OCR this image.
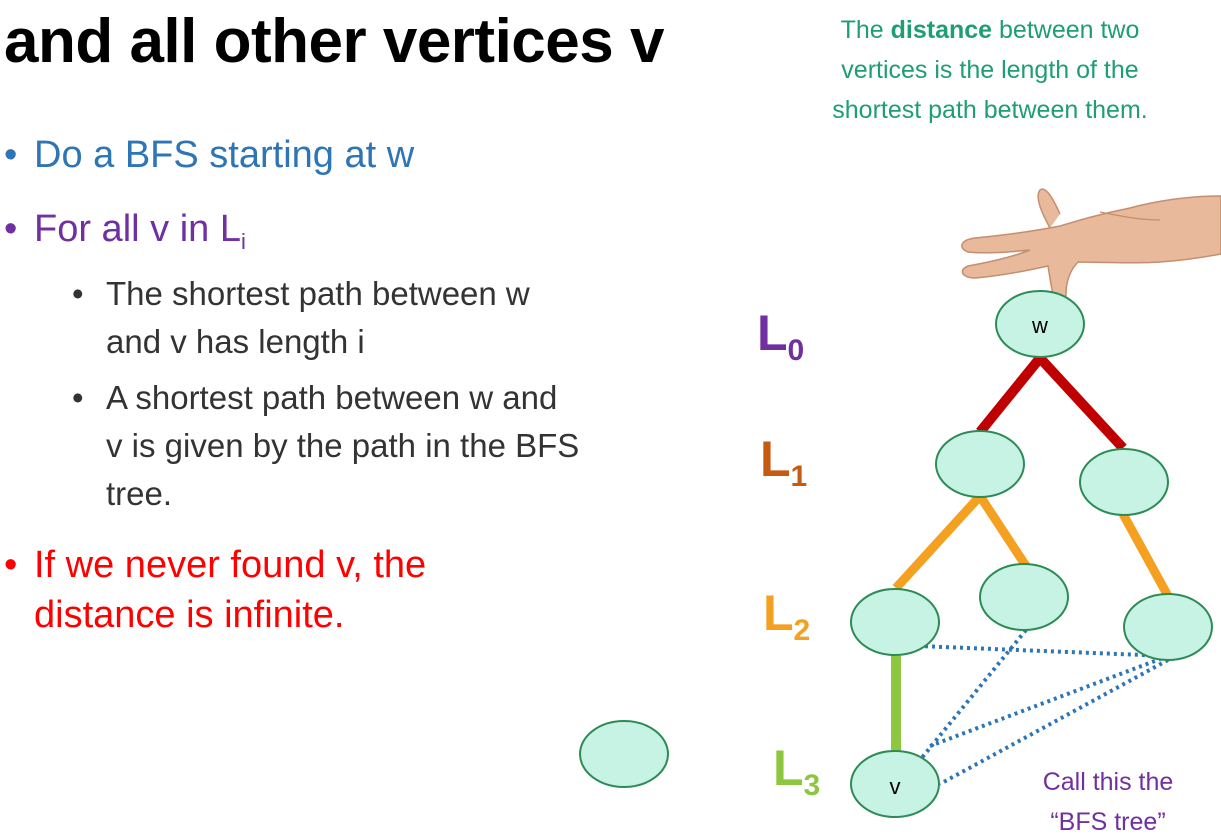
and all other vertices v	The distance between two
vertices is the length of the
shortest path between them.
• Do a BFS starting at w
• For all v in $L_i$
• The shortest path between w
and v has length i
• A shortest path between w and
v is given by the path in the BFS
tree.
• If we never found v, the
distance is infinite.
w
v
$L_0$
$L_1$
$L_2$
$L_3$	Call this the
“BFS tree”
